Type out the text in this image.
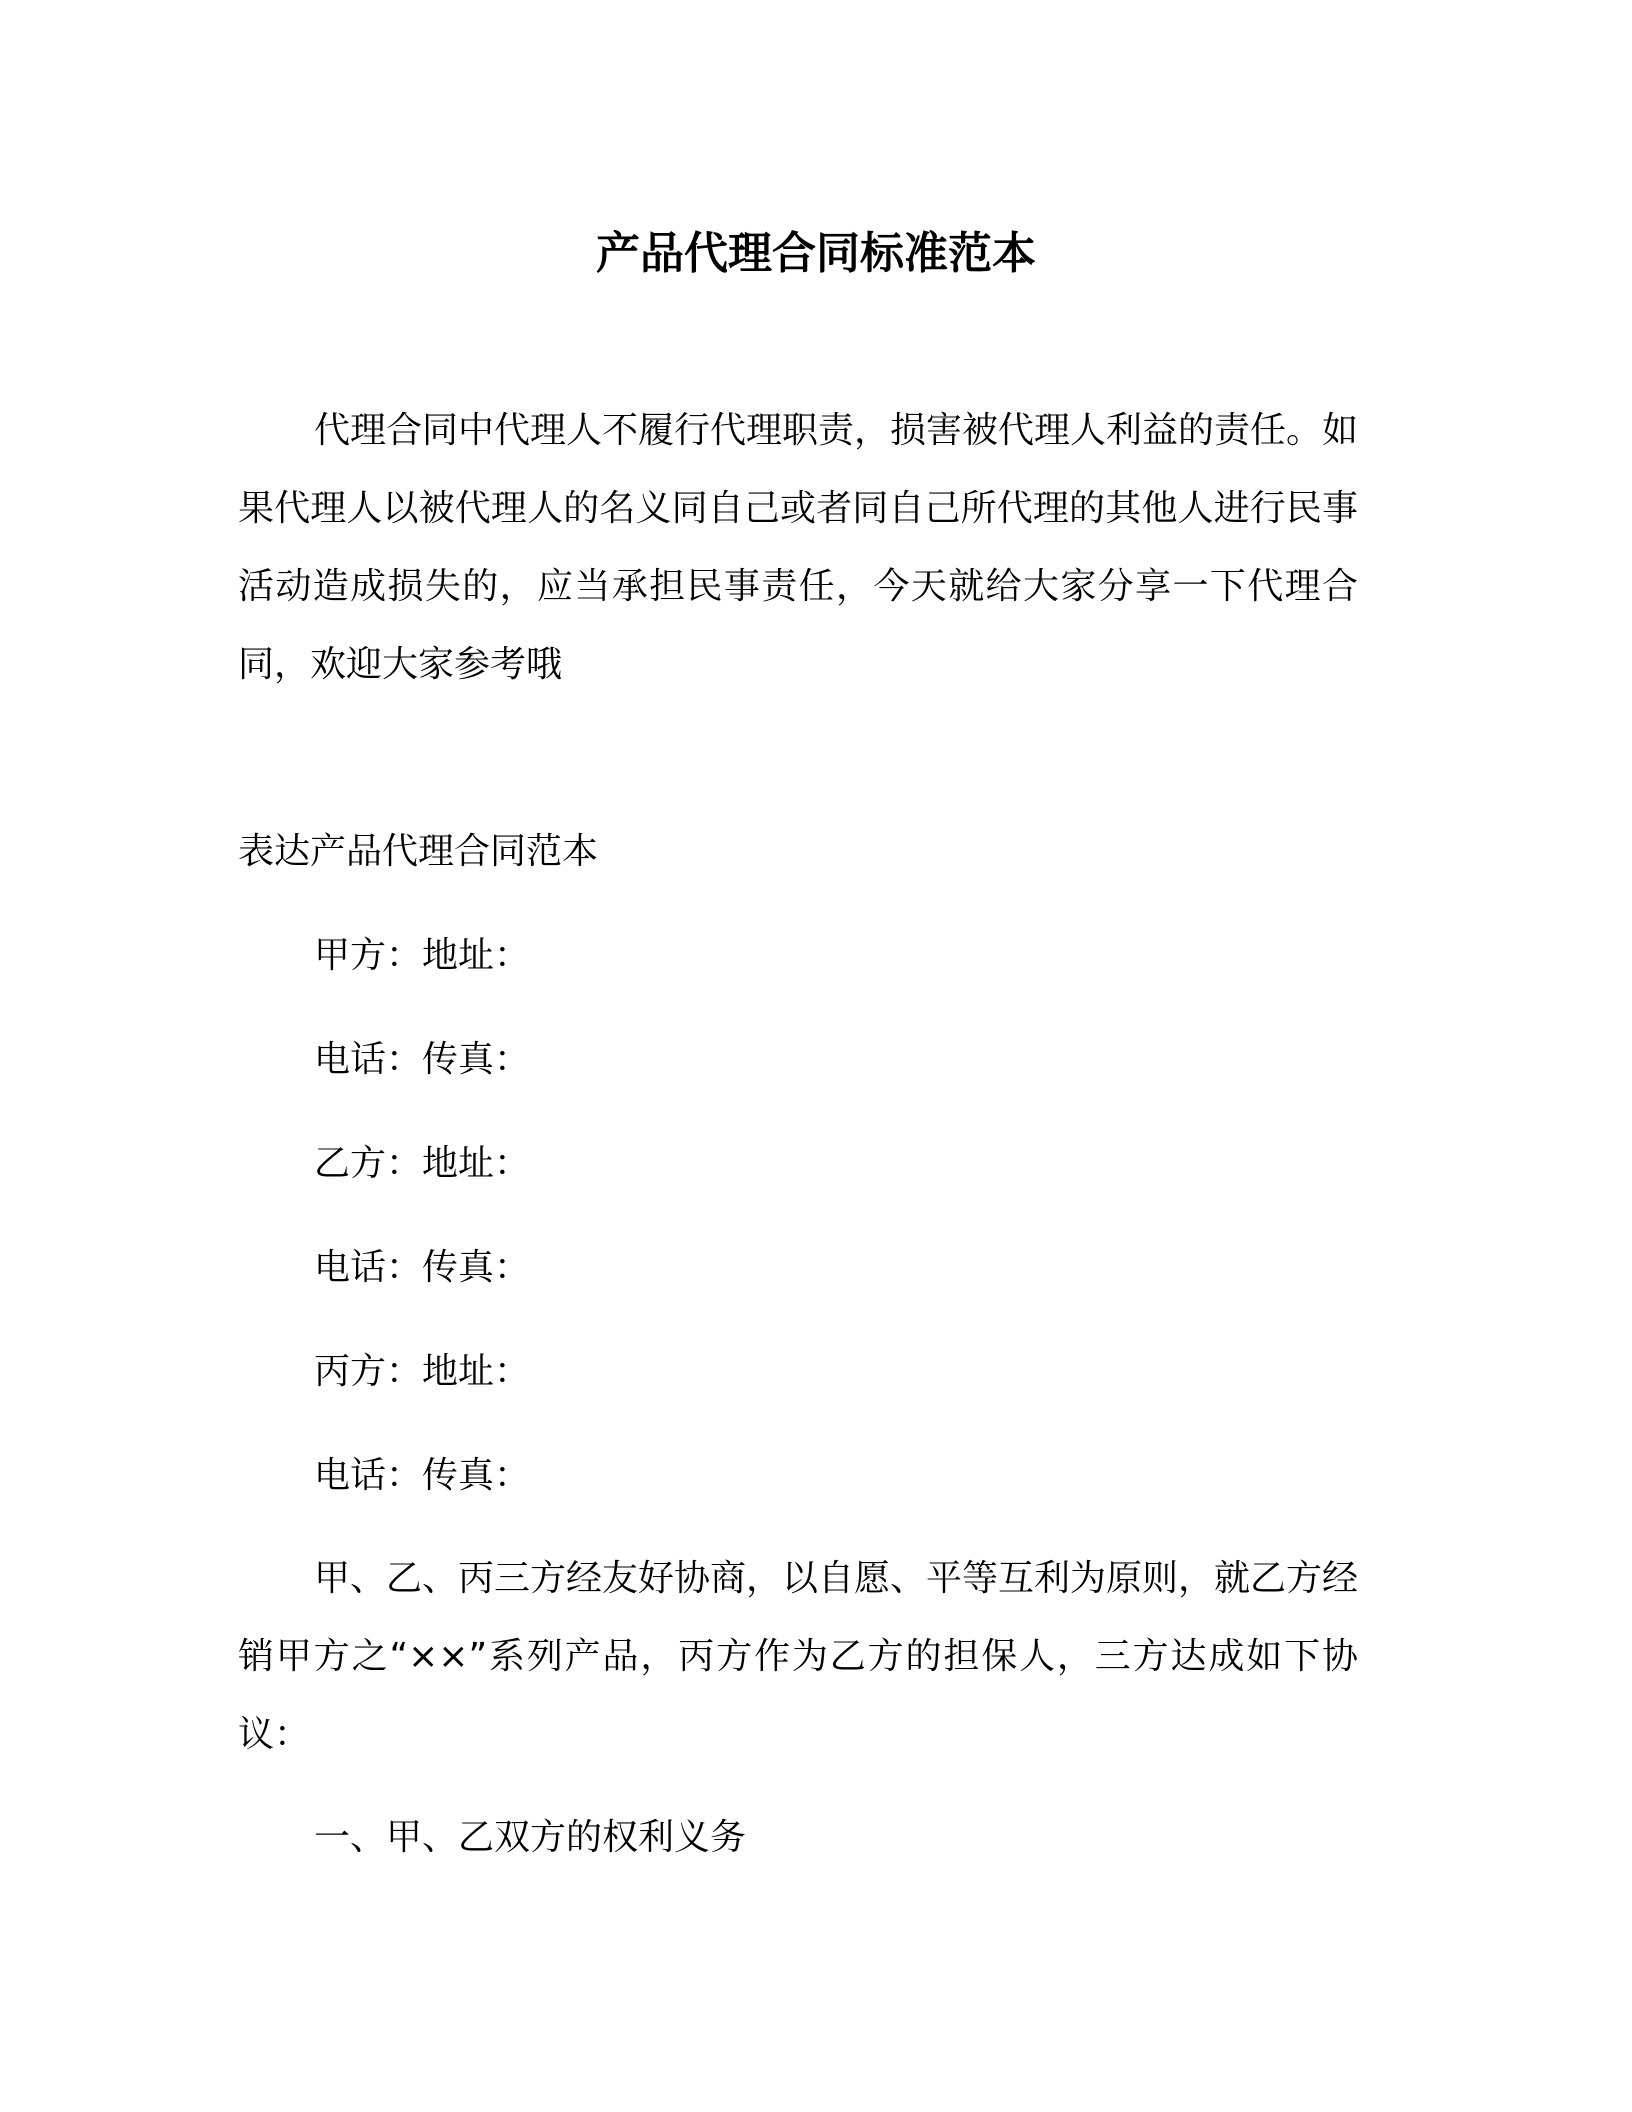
产品代理合同标准范本

代理合同中代理人不履行代理职责，损害被代理人利益的责任。如果代理人以被代理人的名义同自己或者同自己所代理的其他人进行民事活动造成损失的，应当承担民事责任，今天就给大家分享一下代理合同，欢迎大家参考哦

表达产品代理合同范本

甲方：地址：

电话：传真：

乙方：地址：

电话：传真：

丙方：地址：

电话：传真：

甲、乙、丙三方经友好协商，以自愿、平等互利为原则，就乙方经销甲方之“××”系列产品，丙方作为乙方的担保人，三方达成如下协议：

一、甲、乙双方的权利义务
